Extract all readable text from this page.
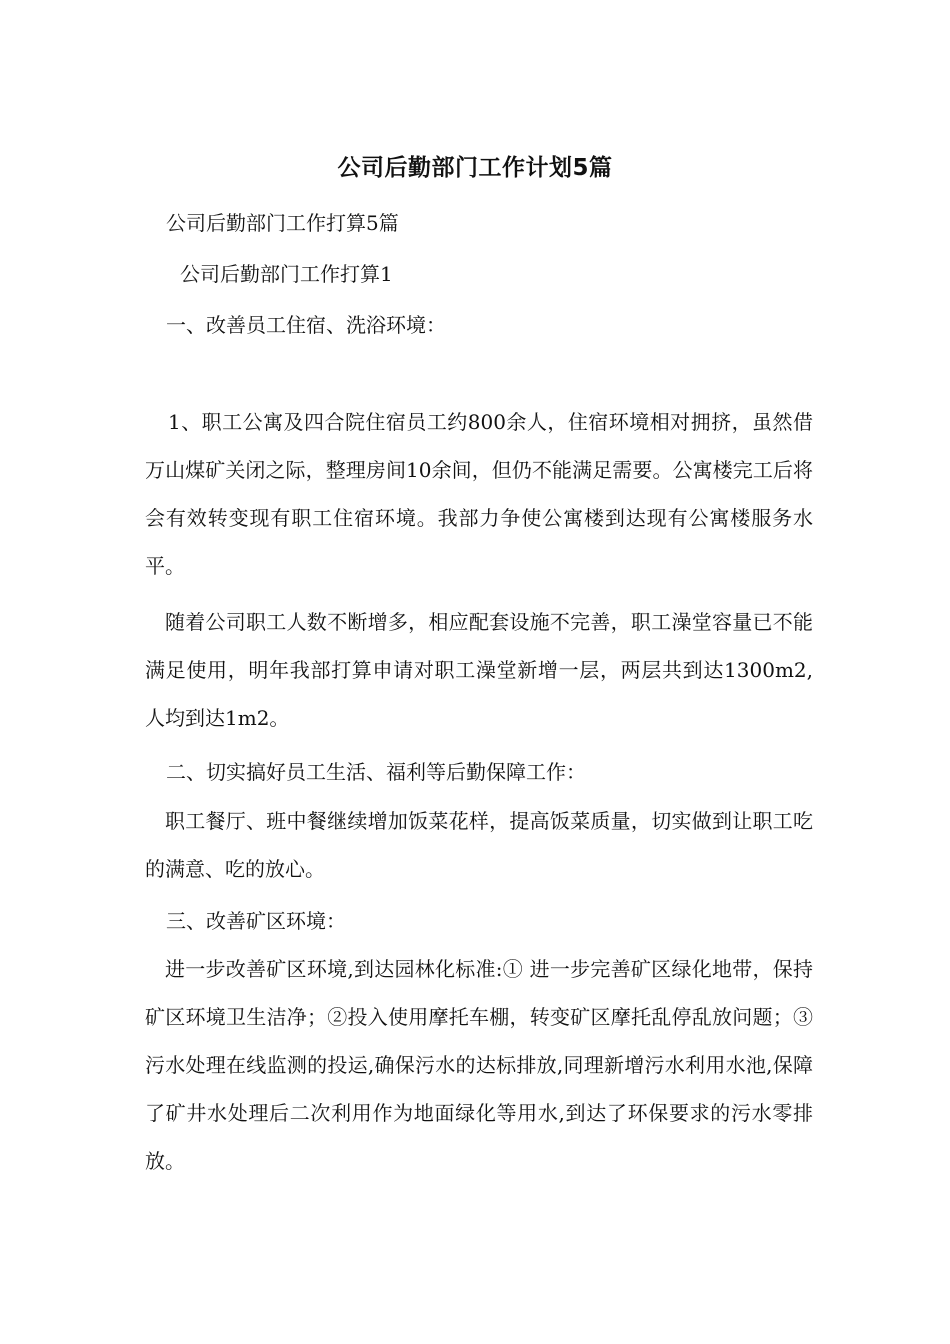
公司后勤部门工作计划5篇
公司后勤部门工作打算5篇
公司后勤部门工作打算1
一、改善员工住宿、洗浴环境：
1、职工公寓及四合院住宿员工约800余人，住宿环境相对拥挤，虽然借万山煤矿关闭之际，整理房间10余间，但仍不能满足需要。公寓楼完工后将会有效转变现有职工住宿环境。我部力争使公寓楼到达现有公寓楼服务水平。
随着公司职工人数不断增多，相应配套设施不完善，职工澡堂容量已不能满足使用，明年我部打算申请对职工澡堂新增一层，两层共到达1300m2,人均到达1m2。
二、切实搞好员工生活、福利等后勤保障工作：
职工餐厅、班中餐继续增加饭菜花样，提高饭菜质量，切实做到让职工吃的满意、吃的放心。
三、改善矿区环境：
进一步改善矿区环境,到达园林化标准:① 进一步完善矿区绿化地带，保持矿区环境卫生洁净；②投入使用摩托车棚，转变矿区摩托乱停乱放问题；③污水处理在线监测的投运,确保污水的达标排放,同理新增污水利用水池,保障了矿井水处理后二次利用作为地面绿化等用水,到达了环保要求的污水零排放。
